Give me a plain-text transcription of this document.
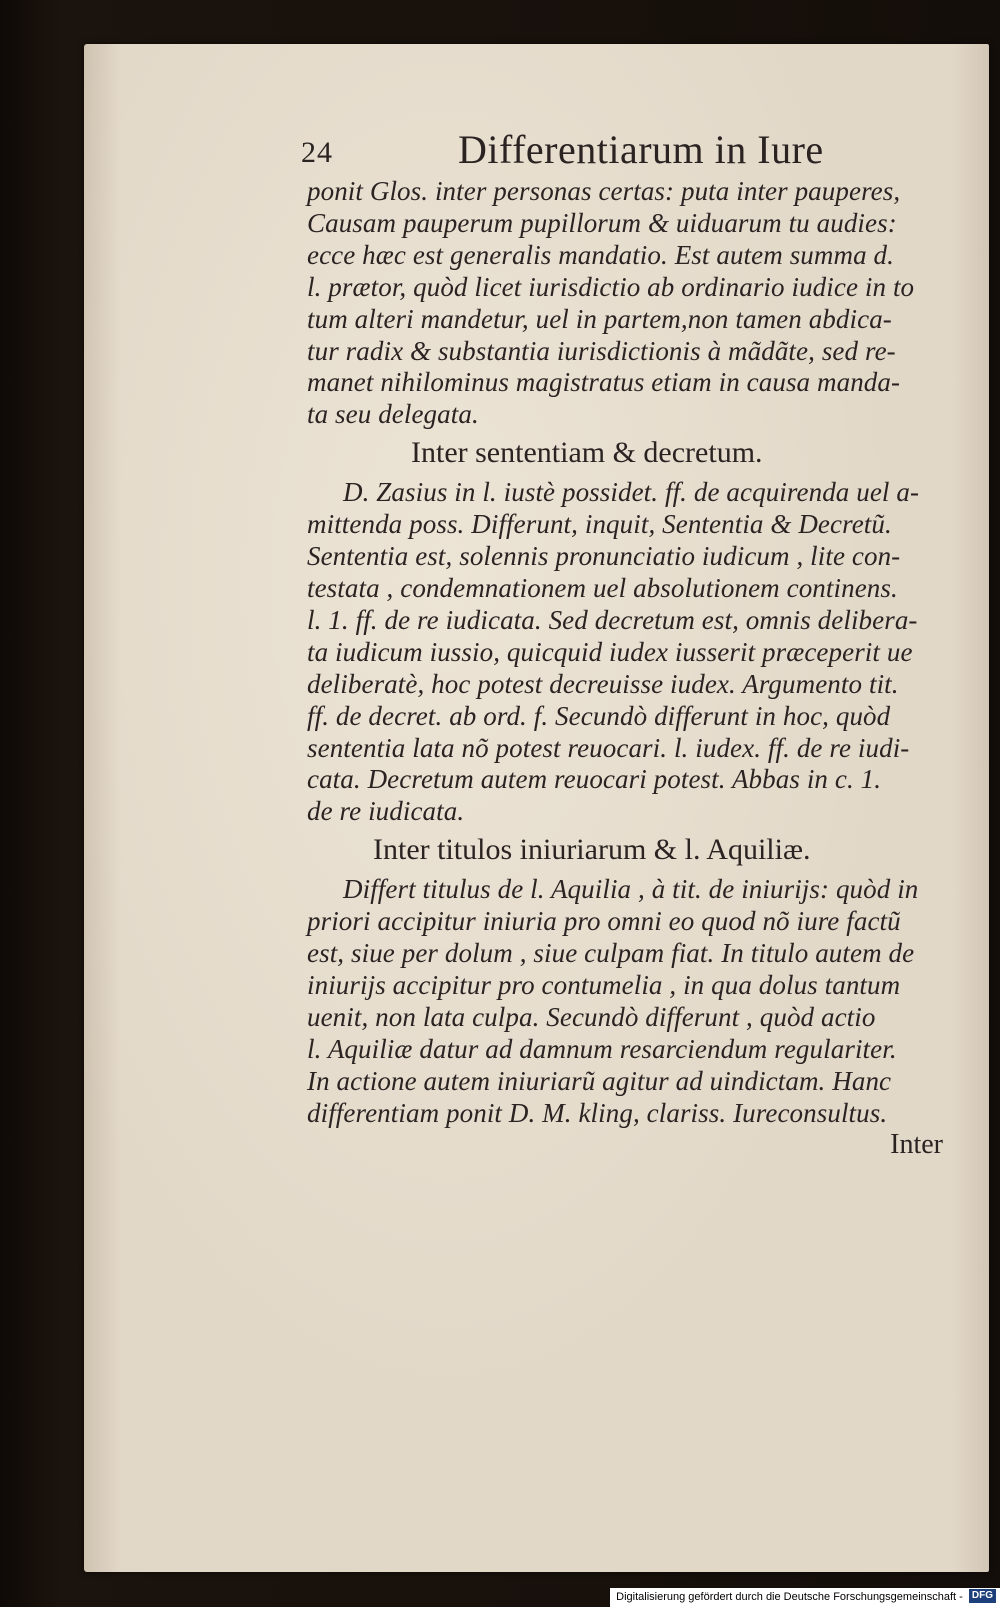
24	Differentiarum in Iure
ponit Glos. inter personas certas: puta inter pauperes,
Causam pauperum pupillorum & uiduarum tu audies:
ecce hæc est generalis mandatio. Est autem summa d.
l. prætor, quòd licet iurisdictio ab ordinario iudice in to
tum alteri mandetur, uel in partem,non tamen abdica-
tur radix & substantia iurisdictionis à mãdãte, sed re-
manet nihilominus magistratus etiam in causa manda-
ta seu delegata.
Inter sententiam & decretum.
D. Zasius in l. iustè possidet. ff. de acquirenda uel a-
mittenda poss. Differunt, inquit, Sententia & Decretũ.
Sententia est, solennis pronunciatio iudicum , lite con-
testata , condemnationem uel absolutionem continens.
l. 1. ff. de re iudicata. Sed decretum est, omnis delibera-
ta iudicum iussio, quicquid iudex iusserit præceperit ue
deliberatè, hoc potest decreuisse iudex. Argumento tit.
ff. de decret. ab ord. f. Secundò differunt in hoc, quòd
sententia lata nõ potest reuocari. l. iudex. ff. de re iudi-
cata. Decretum autem reuocari potest. Abbas in c. 1.
de re iudicata.
Inter titulos iniuriarum & l. Aquiliæ.
Differt titulus de l. Aquilia , à tit. de iniurijs: quòd in
priori accipitur iniuria pro omni eo quod nõ iure factũ
est, siue per dolum , siue culpam fiat. In titulo autem de
iniurijs accipitur pro contumelia , in qua dolus tantum
uenit, non lata culpa. Secundò differunt , quòd actio
l. Aquiliæ datur ad damnum resarciendum regulariter.
In actione autem iniuriarũ agitur ad uindictam. Hanc
differentiam ponit D. M. kling, clariss. Iureconsultus.
Inter
Digitalisierung gefördert durch die Deutsche Forschungsgemeinschaft - DFG
